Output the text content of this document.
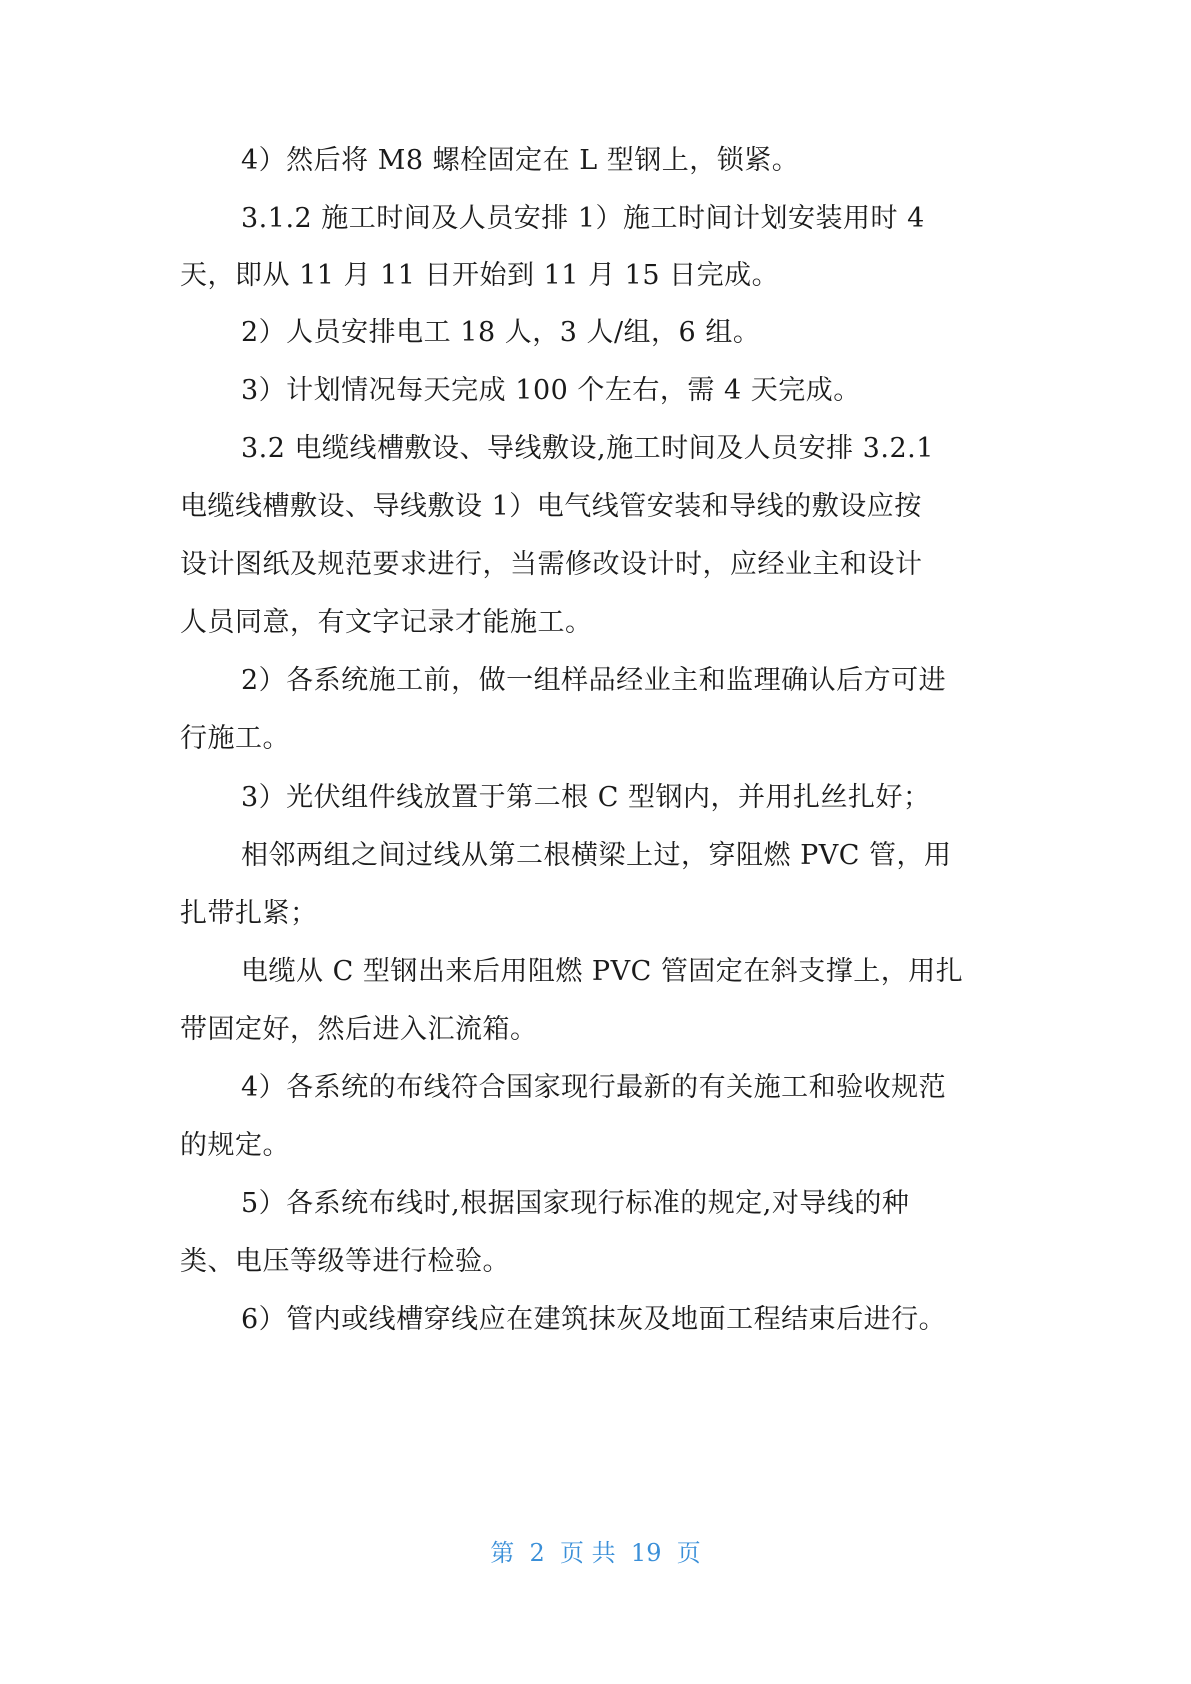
4）然后将 M8 螺栓固定在 L 型钢上，锁紧。
3.1.2 施工时间及人员安排 1）施工时间计划安装用时 4
天，即从 11 月 11 日开始到 11 月 15 日完成。
2）人员安排电工 18 人，3 人/组，6 组。
3）计划情况每天完成 100 个左右，需 4 天完成。
3.2 电缆线槽敷设、导线敷设,施工时间及人员安排 3.2.1
电缆线槽敷设、导线敷设 1）电气线管安装和导线的敷设应按
设计图纸及规范要求进行，当需修改设计时，应经业主和设计
人员同意，有文字记录才能施工。
2）各系统施工前，做一组样品经业主和监理确认后方可进
行施工。
3）光伏组件线放置于第二根 C 型钢内，并用扎丝扎好；
相邻两组之间过线从第二根横梁上过，穿阻燃 PVC 管，用
扎带扎紧；
电缆从 C 型钢出来后用阻燃 PVC 管固定在斜支撑上，用扎
带固定好，然后进入汇流箱。
4）各系统的布线符合国家现行最新的有关施工和验收规范
的规定。
5）各系统布线时,根据国家现行标准的规定,对导线的种
类、电压等级等进行检验。
6）管内或线槽穿线应在建筑抹灰及地面工程结束后进行。
第  2  页 共  19  页
